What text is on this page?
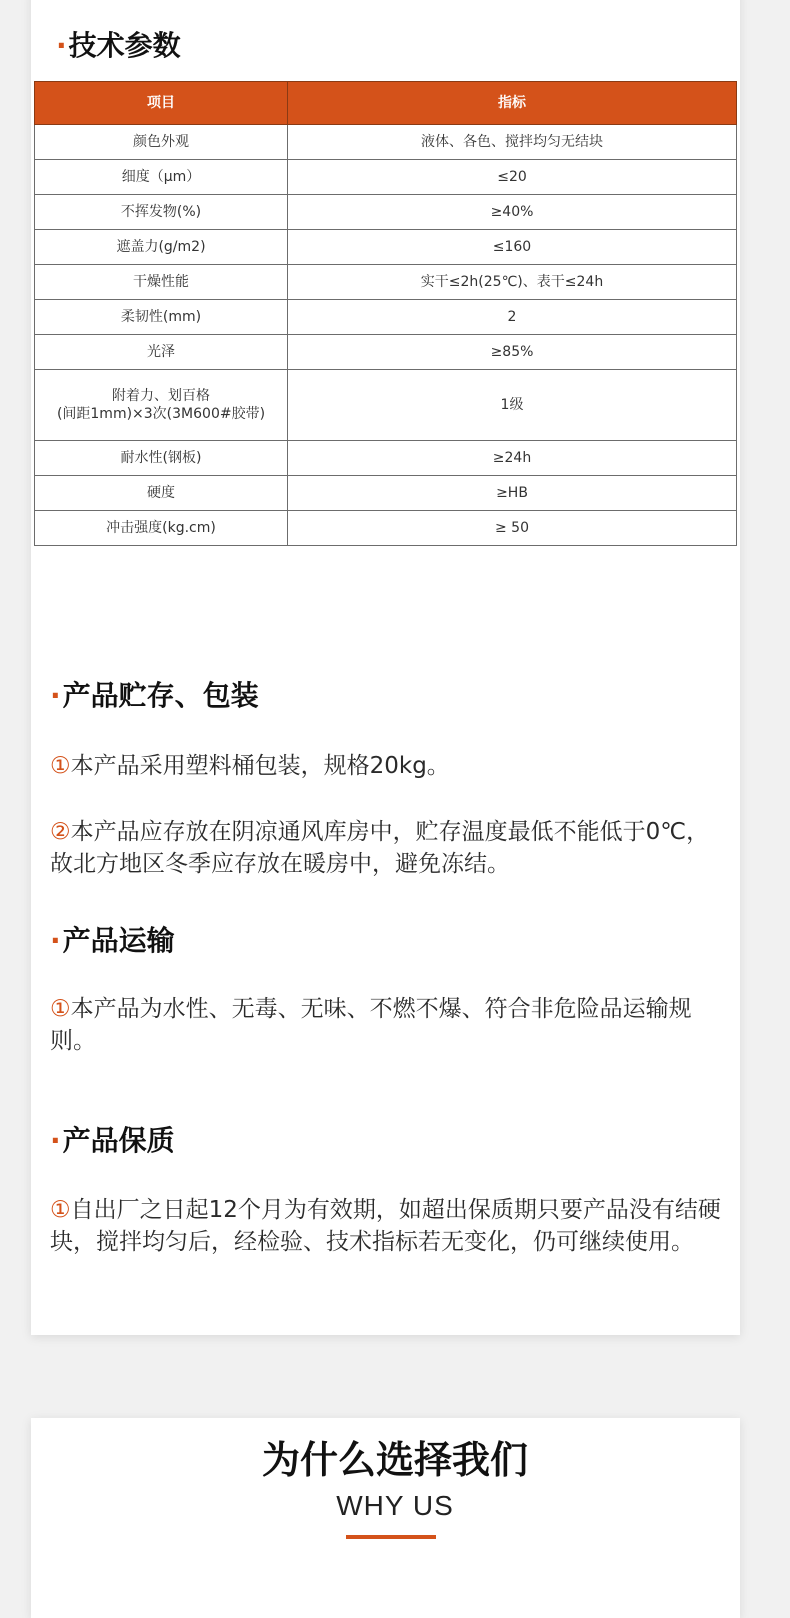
·技术参数
项目	指标
颜色外观	液体、各色、搅拌均匀无结块
细度（μm）	≤20
不挥发物(%)	≥40%
遮盖力(g/m2)	≤160
干燥性能	实干≤2h(25℃)、表干≤24h
柔韧性(mm)	2
光泽	≥85%

附着力、划百格
(间距1mm)×3次(3M600#胶带)	1级
耐水性(钢板)	≥24h
硬度	≥HB
冲击强度(kg.cm)	≥ 50
·产品贮存、包装

①本产品采用塑料桶包装，规格20kg。

②本产品应存放在阴凉通风库房中，贮存温度最低不能低于0℃，故北方地区冬季应存放在暖房中，避免冻结。

·产品运输

①本产品为水性、无毒、无味、不燃不爆、符合非危险品运输规则。

·产品保质

①自出厂之日起12个月为有效期，如超出保质期只要产品没有结硬块，搅拌均匀后，经检验、技术指标若无变化，仍可继续使用。

为什么选择我们
WHY US
